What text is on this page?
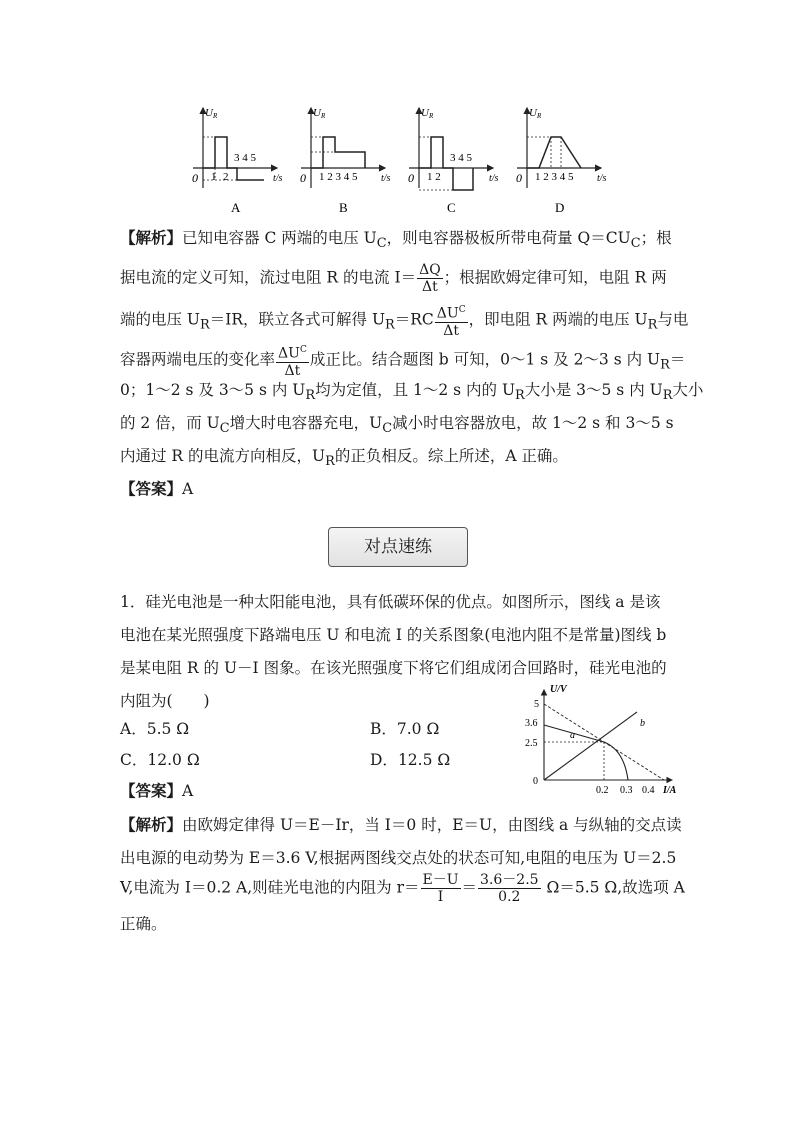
UR
0 1 2
3 4 5
t/s
A
UR
0 1 2 3 4 5 t/s
B
UR
0 1 2
3 4 5
t/s
C
UR
0 1 2 3 4 5 t/s
D
【解析】已知电容器 C 两端的电压 $U_C$，则电容器极板所带电荷量 $Q=CU_C$；根
据电流的定义可知，流过电阻 R 的电流 $I= \frac{\Delta Q}{\Delta t}$ ；根据欧姆定律可知，电阻 R 两
端的电压 $U_R=IR$，联立各式可解得 $U_R=RC \frac{\Delta U^C}{\Delta t}$ ，即电阻 R 两端的电压 $U_R$与电
容器两端电压的变化率 $\frac{\Delta U^C}{\Delta t}$ 成正比。结合题图 b 可知，0～1 s 及 2～3 s 内 $U_R=$
0；1～2 s 及 3～5 s 内 $U_R$均为定值，且 1～2 s 内的 $U_R$大小是 3～5 s 内 $U_R$大小
的 2 倍，而 $U_C$增大时电容器充电，$U_C$减小时电容器放电，故 1～2 s 和 3～5 s
内通过 R 的电流方向相反，$U_R$的正负相反。综上所述，A 正确。
【答案】A
对点速练
1．硅光电池是一种太阳能电池，具有低碳环保的优点。如图所示，图线 a 是该
电池在某光照强度下路端电压 U 和电流 I 的关系图象(电池内阻不是常量)图线 b
是某电阻 R 的 U－I 图象。在该光照强度下将它们组成闭合回路时，硅光电池的
内阻为(　　)
A．5.5 Ω	B．7.0 Ω
C．12.0 Ω	D．12.5 Ω
U/V
5
3.6
2.5
0
0.2 0.3 0.4 I/A
a
b
【答案】A
【解析】由欧姆定律得 U＝E－Ir，当 I＝0 时，E＝U，由图线 a 与纵轴的交点读
出电源的电动势为 E＝3.6 V,根据两图线交点处的状态可知,电阻的电压为 U＝2.5
V,电流为 I＝0.2 A,则硅光电池的内阻为 $r= \frac{E-U}{I} = \frac{3.6-2.5}{0.2} \Omega=5.5$ Ω,故选项 A
正确。
